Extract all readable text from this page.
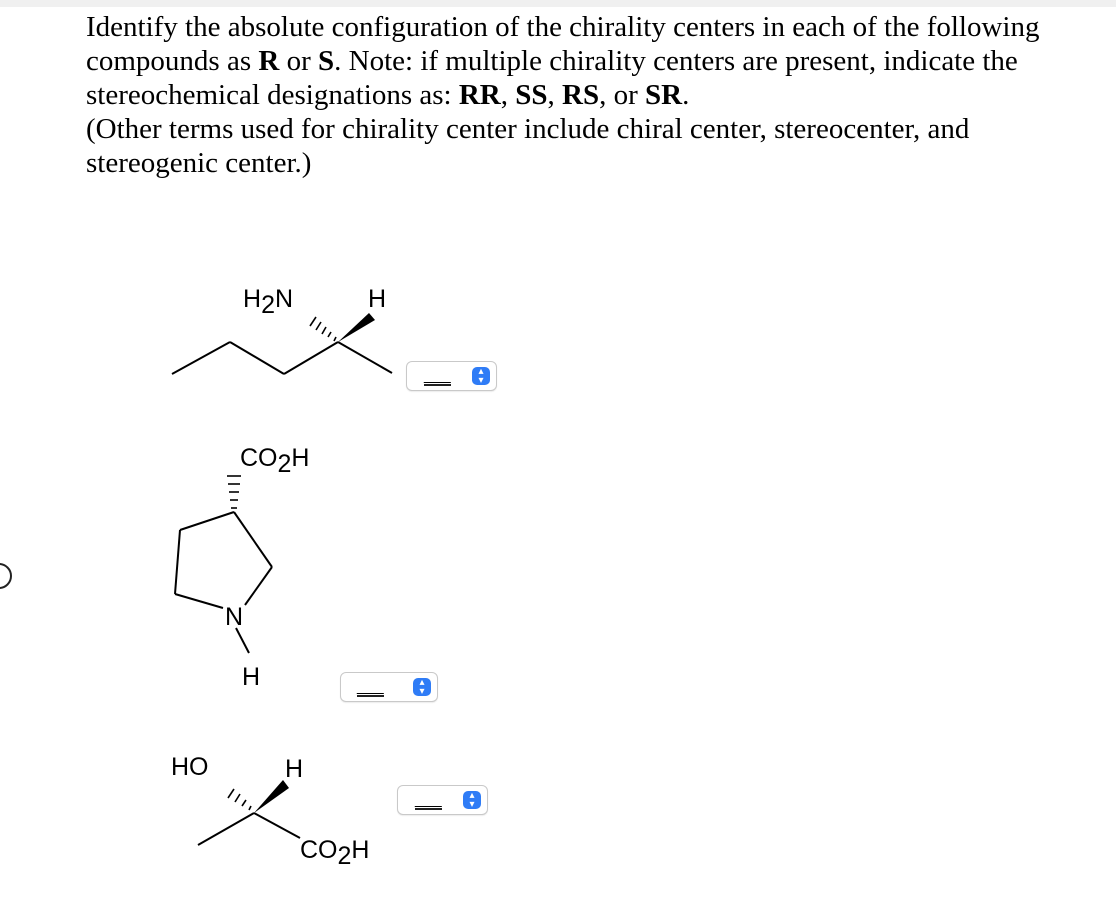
Identify the absolute configuration of the chirality centers in each of the following

compounds as R or S. Note: if multiple chirality centers are present, indicate the

stereochemical designations as: RR, SS, RS, or SR.

(Other terms used for chirality center include chiral center, stereocenter, and

stereogenic center.)

H2N	H
CO2H
N
H
HO	H
CO2H
___	▴
▾
___	▴
▾
___	▴
▾
